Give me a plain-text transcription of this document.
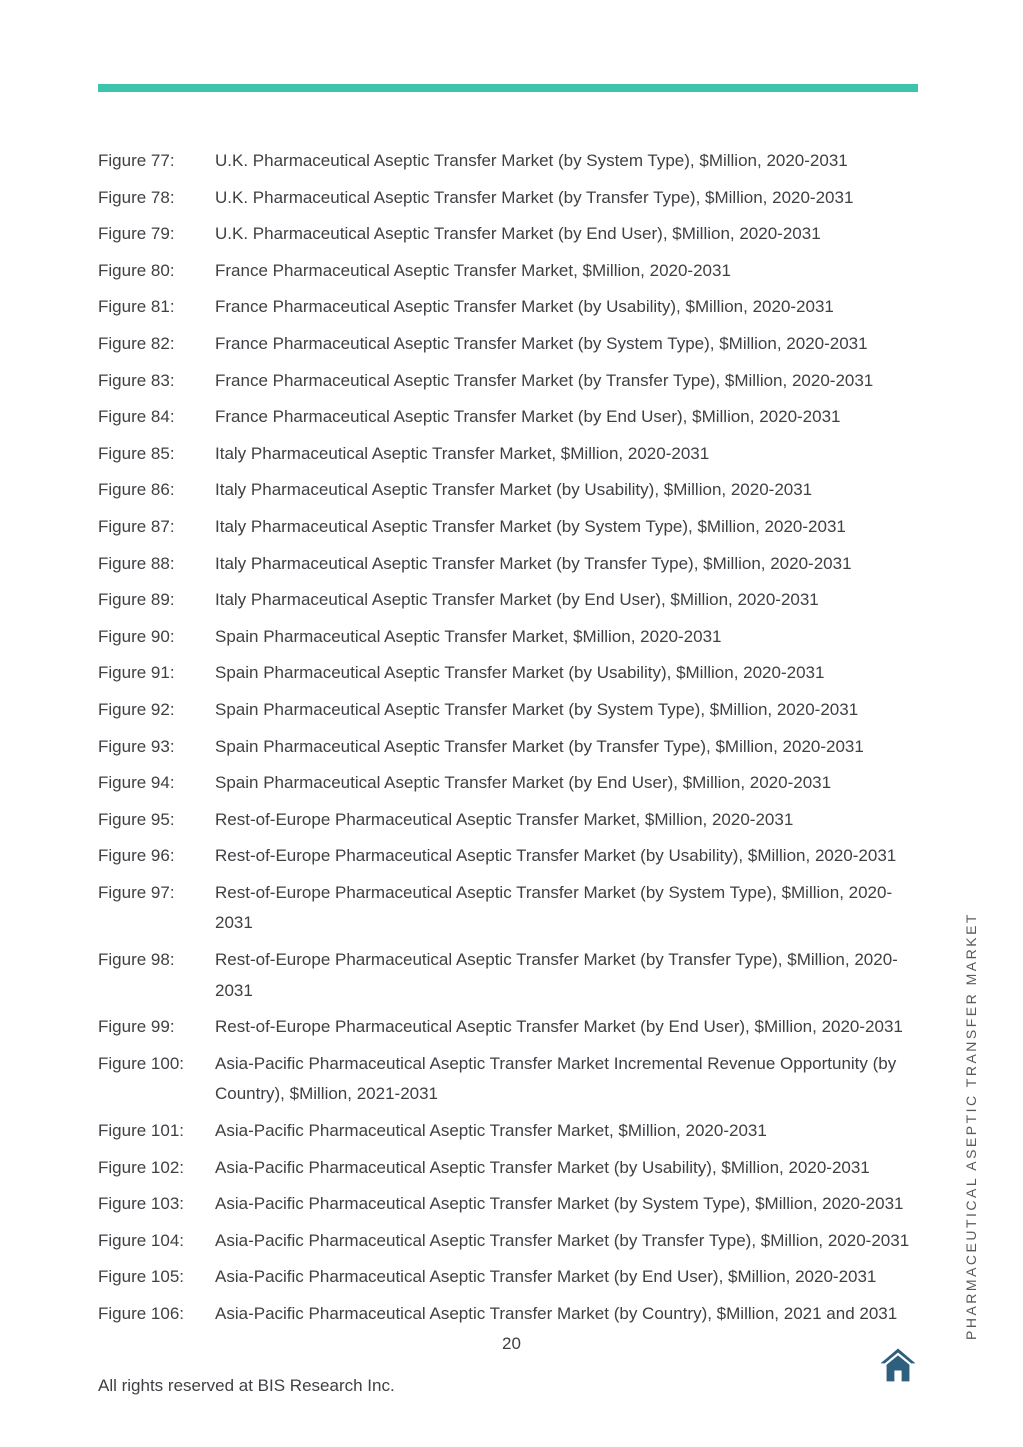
Figure 77:	U.K. Pharmaceutical Aseptic Transfer Market (by System Type), $Million, 2020-2031
Figure 78:	U.K. Pharmaceutical Aseptic Transfer Market (by Transfer Type), $Million, 2020-2031
Figure 79:	U.K. Pharmaceutical Aseptic Transfer Market (by End User), $Million, 2020-2031
Figure 80:	France Pharmaceutical Aseptic Transfer Market, $Million, 2020-2031
Figure 81:	France Pharmaceutical Aseptic Transfer Market (by Usability), $Million, 2020-2031
Figure 82:	France Pharmaceutical Aseptic Transfer Market (by System Type), $Million, 2020-2031
Figure 83:	France Pharmaceutical Aseptic Transfer Market (by Transfer Type), $Million, 2020-2031
Figure 84:	France Pharmaceutical Aseptic Transfer Market (by End User), $Million, 2020-2031
Figure 85:	Italy Pharmaceutical Aseptic Transfer Market, $Million, 2020-2031
Figure 86:	Italy Pharmaceutical Aseptic Transfer Market (by Usability), $Million, 2020-2031
Figure 87:	Italy Pharmaceutical Aseptic Transfer Market (by System Type), $Million, 2020-2031
Figure 88:	Italy Pharmaceutical Aseptic Transfer Market (by Transfer Type), $Million, 2020-2031
Figure 89:	Italy Pharmaceutical Aseptic Transfer Market (by End User), $Million, 2020-2031
Figure 90:	Spain Pharmaceutical Aseptic Transfer Market, $Million, 2020-2031
Figure 91:	Spain Pharmaceutical Aseptic Transfer Market (by Usability), $Million, 2020-2031
Figure 92:	Spain Pharmaceutical Aseptic Transfer Market (by System Type), $Million, 2020-2031
Figure 93:	Spain Pharmaceutical Aseptic Transfer Market (by Transfer Type), $Million, 2020-2031
Figure 94:	Spain Pharmaceutical Aseptic Transfer Market (by End User), $Million, 2020-2031
Figure 95:	Rest-of-Europe Pharmaceutical Aseptic Transfer Market, $Million, 2020-2031
Figure 96:	Rest-of-Europe Pharmaceutical Aseptic Transfer Market (by Usability), $Million, 2020-2031
Figure 97:	Rest-of-Europe Pharmaceutical Aseptic Transfer Market (by System Type), $Million, 2020-2031
Figure 98:	Rest-of-Europe Pharmaceutical Aseptic Transfer Market (by Transfer Type), $Million, 2020-2031
Figure 99:	Rest-of-Europe Pharmaceutical Aseptic Transfer Market (by End User), $Million, 2020-2031
Figure 100:	Asia-Pacific Pharmaceutical Aseptic Transfer Market Incremental Revenue Opportunity (by Country), $Million, 2021-2031
Figure 101:	Asia-Pacific Pharmaceutical Aseptic Transfer Market, $Million, 2020-2031
Figure 102:	Asia-Pacific Pharmaceutical Aseptic Transfer Market (by Usability), $Million, 2020-2031
Figure 103:	Asia-Pacific Pharmaceutical Aseptic Transfer Market (by System Type), $Million, 2020-2031
Figure 104:	Asia-Pacific Pharmaceutical Aseptic Transfer Market (by Transfer Type), $Million, 2020-2031
Figure 105:	Asia-Pacific Pharmaceutical Aseptic Transfer Market (by End User), $Million, 2020-2031
Figure 106:	Asia-Pacific Pharmaceutical Aseptic Transfer Market (by Country), $Million, 2021 and 2031	PHARMACEUTICAL ASEPTIC TRANSFER MARKET
20
All rights reserved at BIS Research Inc.
